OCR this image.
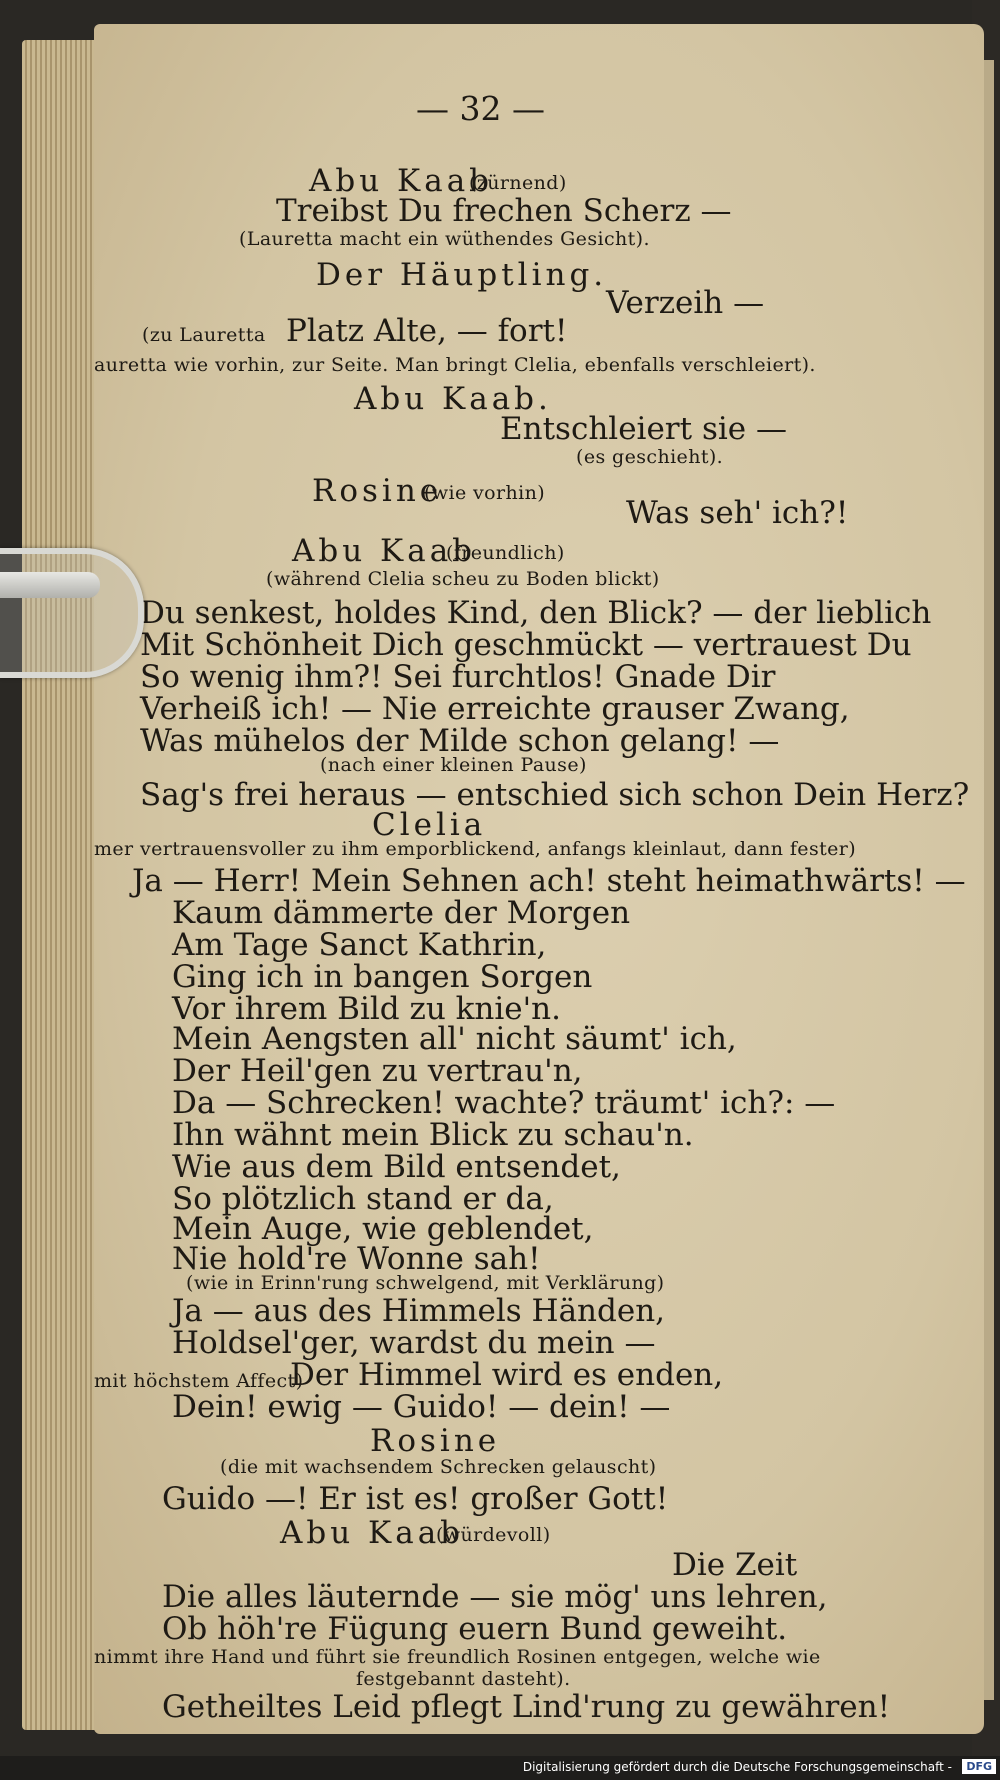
— 32 —
Abu Kaab
(zürnend)
Treibst Du frechen Scherz —
(Lauretta macht ein wüthendes Gesicht).
Der Häuptling.
Verzeih —
(zu Lauretta Platz Alte, — fort!
auretta wie vorhin, zur Seite. Man bringt Clelia, ebenfalls verschleiert).
Abu Kaab.
Entschleiert sie —
(es geschieht).
Rosine
(wie vorhin)
Was seh' ich?!
Abu Kaab
(freundlich)
(während Clelia scheu zu Boden blickt)
Du senkest, holdes Kind, den Blick? — der lieblich
Mit Schönheit Dich geschmückt — vertrauest Du
So wenig ihm?! Sei furchtlos! Gnade Dir
Verheiß ich! — Nie erreichte grauser Zwang,
Was mühelos der Milde schon gelang! —
(nach einer kleinen Pause)
Sag's frei heraus — entschied sich schon Dein Herz?
Clelia
mer vertrauensvoller zu ihm emporblickend, anfangs kleinlaut, dann fester)
Ja — Herr! Mein Sehnen ach! steht heimathwärts! —
Kaum dämmerte der Morgen
Am Tage Sanct Kathrin,
Ging ich in bangen Sorgen
Vor ihrem Bild zu knie'n.
Mein Aengsten all' nicht säumt' ich,
Der Heil'gen zu vertrau'n,
Da — Schrecken! wachte? träumt' ich?: —
Ihn wähnt mein Blick zu schau'n.
Wie aus dem Bild entsendet,
So plötzlich stand er da,
Mein Auge, wie geblendet,
Nie hold're Wonne sah!
(wie in Erinn'rung schwelgend, mit Verklärung)
Ja — aus des Himmels Händen,
Holdsel'ger, wardst du mein —
mit höchstem Affect)
Der Himmel wird es enden,
Dein! ewig — Guido! — dein! —
Rosine
(die mit wachsendem Schrecken gelauscht)
Guido —! Er ist es! großer Gott!
Abu Kaab
(würdevoll)
Die Zeit
Die alles läuternde — sie mög' uns lehren,
Ob höh're Fügung euern Bund geweiht.
nimmt ihre Hand und führt sie freundlich Rosinen entgegen, welche wie
festgebannt dasteht).
Getheiltes Leid pflegt Lind'rung zu gewähren!
Digitalisierung gefördert durch die Deutsche Forschungsgemeinschaft -	DFG
